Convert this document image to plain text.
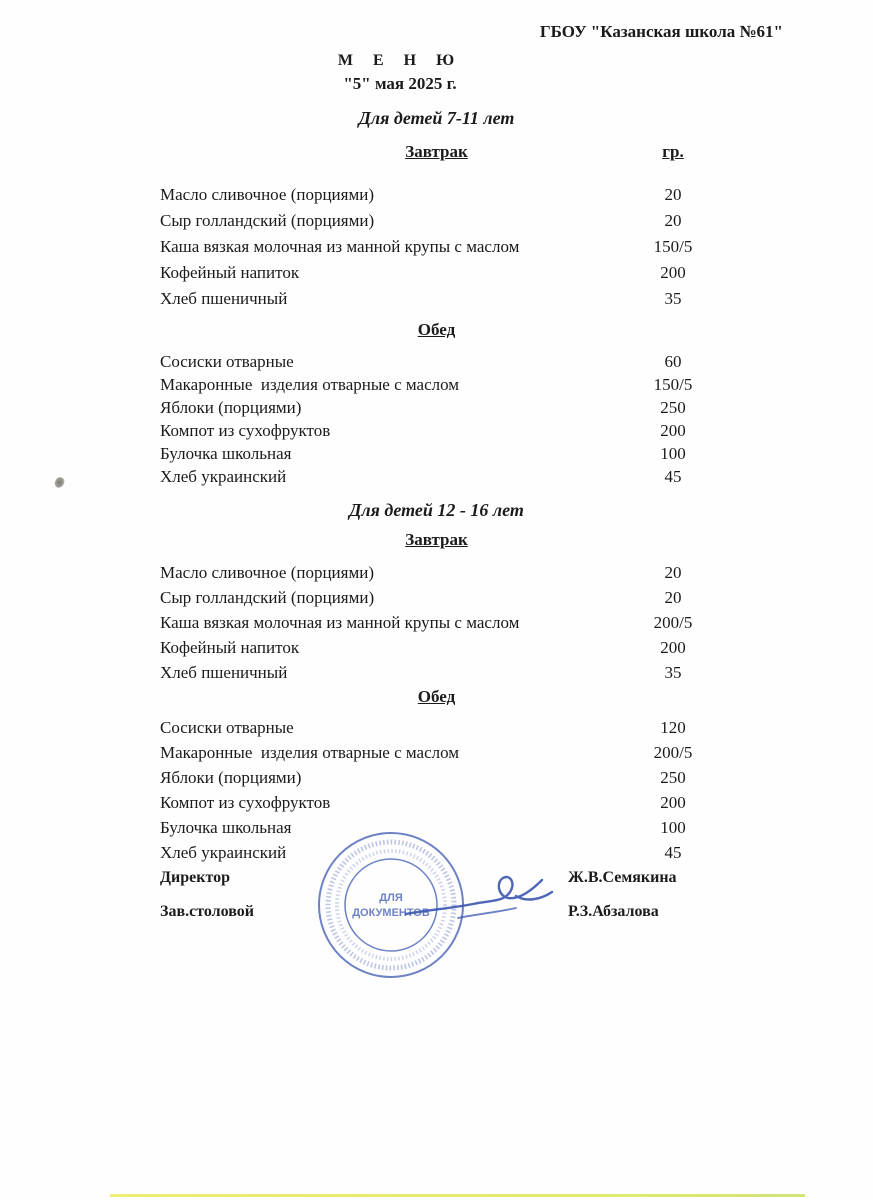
ГБОУ "Казанская школа №61"
М Е Н Ю
"5" мая 2025 г.
Для детей 7-11 лет
Завтрак	гр.
Масло сливочное (порциями)	20
Сыр голландский (порциями)	20
Каша вязкая молочная из манной крупы с маслом	150/5
Кофейный напиток	200
Хлеб пшеничный	35
Обед
Сосиски отварные	60
Макаронные  изделия отварные с маслом	150/5
Яблоки (порциями)	250
Компот из сухофруктов	200
Булочка школьная	100
Хлеб украинский	45
Для детей 12 - 16 лет
Завтрак
Масло сливочное (порциями)	20
Сыр голландский (порциями)	20
Каша вязкая молочная из манной крупы с маслом	200/5
Кофейный напиток	200
Хлеб пшеничный	35
Обед
Сосиски отварные	120
Макаронные  изделия отварные с маслом	200/5
Яблоки (порциями)	250
Компот из сухофруктов	200
Булочка школьная	100
Хлеб украинский	45
Директор	Ж.В.Семякина
Зав.столовой	Р.З.Абзалова
ДЛЯ
ДОКУМЕНТОВ
